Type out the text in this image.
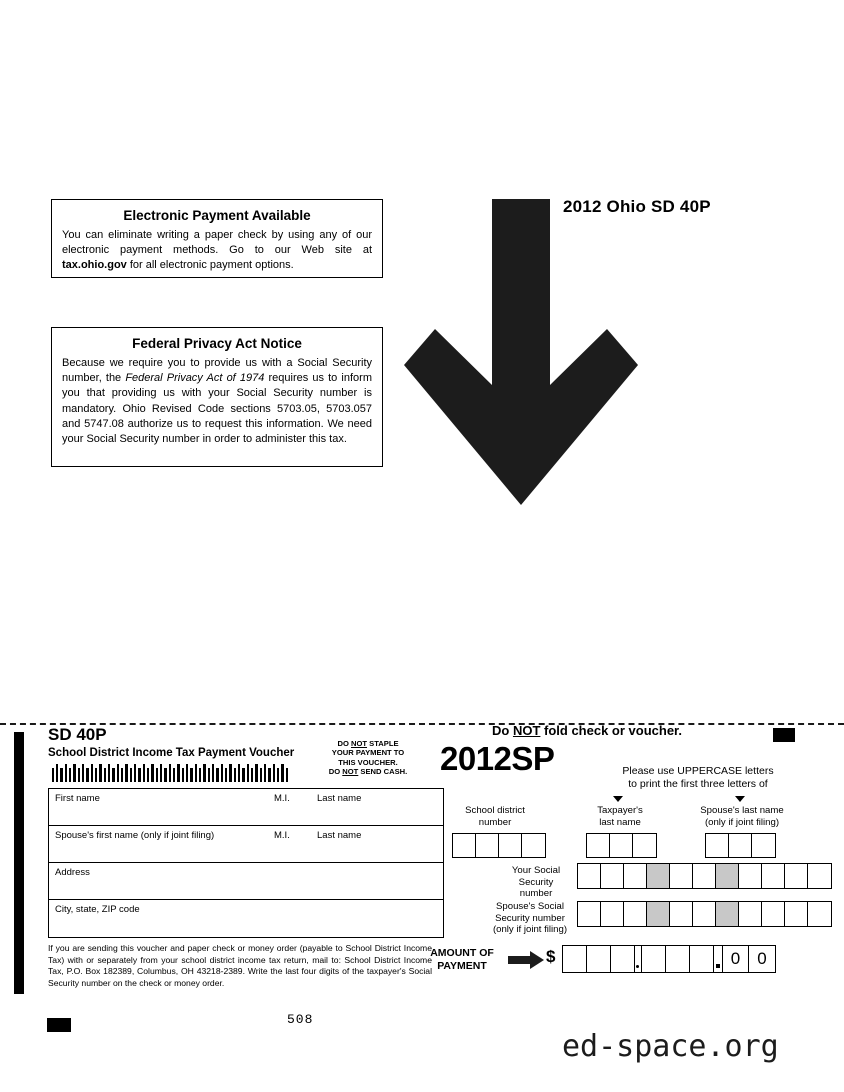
Electronic Payment Available
You can eliminate writing a paper check by using any of our electronic payment methods. Go to our Web site at tax.ohio.gov for all electronic payment options.
Federal Privacy Act Notice
Because we require you to provide us with a Social Security number, the Federal Privacy Act of 1974 requires us to inform you that providing us with your Social Security number is mandatory. Ohio Revised Code sections 5703.05, 5703.057 and 5747.08 authorize us to request this information. We need your Social Security number in order to administer this tax.
2012 Ohio SD 40P
SD 40P
School District Income Tax Payment Voucher
DO NOT STAPLE
YOUR PAYMENT TO
THIS VOUCHER.
DO NOT SEND CASH.
Do NOT fold check or voucher.
2012SP	Please use UPPERCASE letters
to print the first three letters of
First name	M.I.	Last name
Spouse's first name (only if joint filing)	M.I.	Last name
Address
City, state, ZIP code
If you are sending this voucher and paper check or money order (payable to School District Income Tax) with or separately from your school district income tax return, mail to: School District Income Tax, P.O. Box 182389, Columbus, OH 43218-2389. Write the last four digits of the taxpayer's Social Security number on the check or money order.
School district
number
Taxpayer's
last name
Spouse's last name
(only if joint filing)
Your Social
Security
number
Spouse's Social
Security number
(only if joint filing)
AMOUNT OF
PAYMENT
$	0	0
508
ed-space.org
